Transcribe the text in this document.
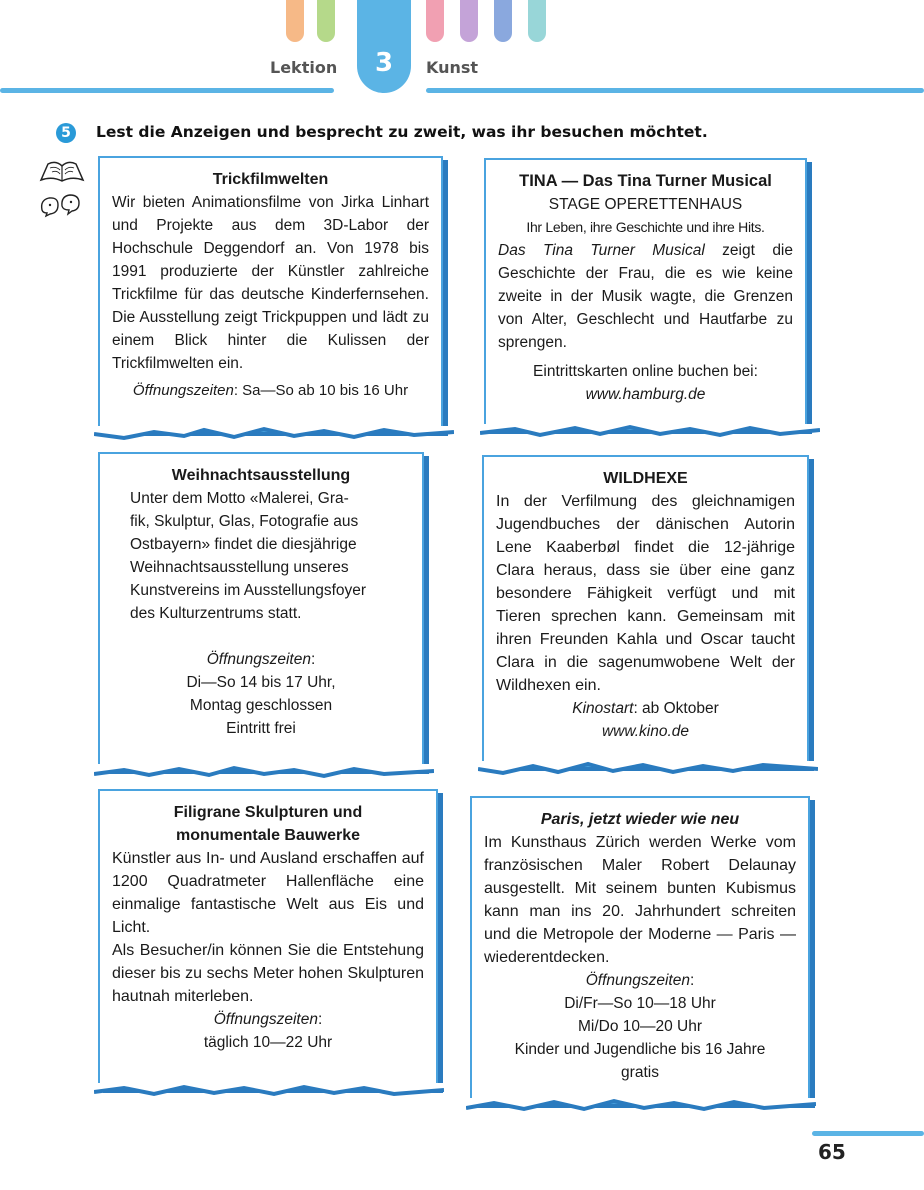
Lektion	3	Kunst
5	Lest die Anzeigen und besprecht zu zweit, was ihr besuchen möchtet.
Trickfilmwelten
Wir bieten Animationsfilme von Jirka Linhart und Projekte aus dem 3D-Labor der Hochschule Deggendorf an. Von 1978 bis 1991 produzierte der Künstler zahlreiche Trickfilme für das deutsche Kinderfernsehen. Die Ausstellung zeigt Trickpuppen und lädt zu einem Blick hinter die Kulissen der Trickfilmwelten ein.
Öffnungszeiten: Sa—So ab 10 bis 16 Uhr
TINA — Das Tina Turner Musical
STAGE OPERETTENHAUS
Ihr Leben, ihre Geschichte und ihre Hits.
Das Tina Turner Musical zeigt die Geschichte der Frau, die es wie keine zweite in der Musik wagte, die Grenzen von Alter, Geschlecht und Hautfarbe zu sprengen.
Eintrittskarten online buchen bei:
www.hamburg.de
Weihnachtsausstellung
Unter dem Motto «Malerei, Gra-
fik, Skulptur, Glas, Fotografie aus
Ostbayern» findet die diesjährige
Weihnachtsausstellung unseres
Kunstvereins im Ausstellungsfoyer
des Kulturzentrums statt.
Öffnungszeiten:
Di—So 14 bis 17 Uhr,
Montag geschlossen
Eintritt frei
WILDHEXE
In der Verfilmung des gleichnamigen Jugendbuches der dänischen Autorin Lene Kaaberbøl findet die 12-jährige Clara heraus, dass sie über eine ganz besondere Fähigkeit verfügt und mit Tieren sprechen kann. Gemeinsam mit ihren Freunden Kahla und Oscar taucht Clara in die sagenumwobene Welt der Wildhexen ein.
Kinostart: ab Oktober
www.kino.de
Filigrane Skulpturen und
monumentale Bauwerke
Künstler aus In- und Ausland erschaffen auf 1200 Quadratmeter Hallenfläche eine einmalige fantastische Welt aus Eis und Licht.
Als Besucher/in können Sie die Entstehung dieser bis zu sechs Meter hohen Skulpturen hautnah miterleben.
Öffnungszeiten:
täglich 10—22 Uhr
Paris, jetzt wieder wie neu
Im Kunsthaus Zürich werden Werke vom französischen Maler Robert Delaunay ausgestellt. Mit seinem bunten Kubismus kann man ins 20. Jahrhundert schreiten und die Metropole der Moderne — Paris — wiederentdecken.
Öffnungszeiten:
Di/Fr—So 10—18 Uhr
Mi/Do 10—20 Uhr
Kinder und Jugendliche bis 16 Jahre
gratis
65
